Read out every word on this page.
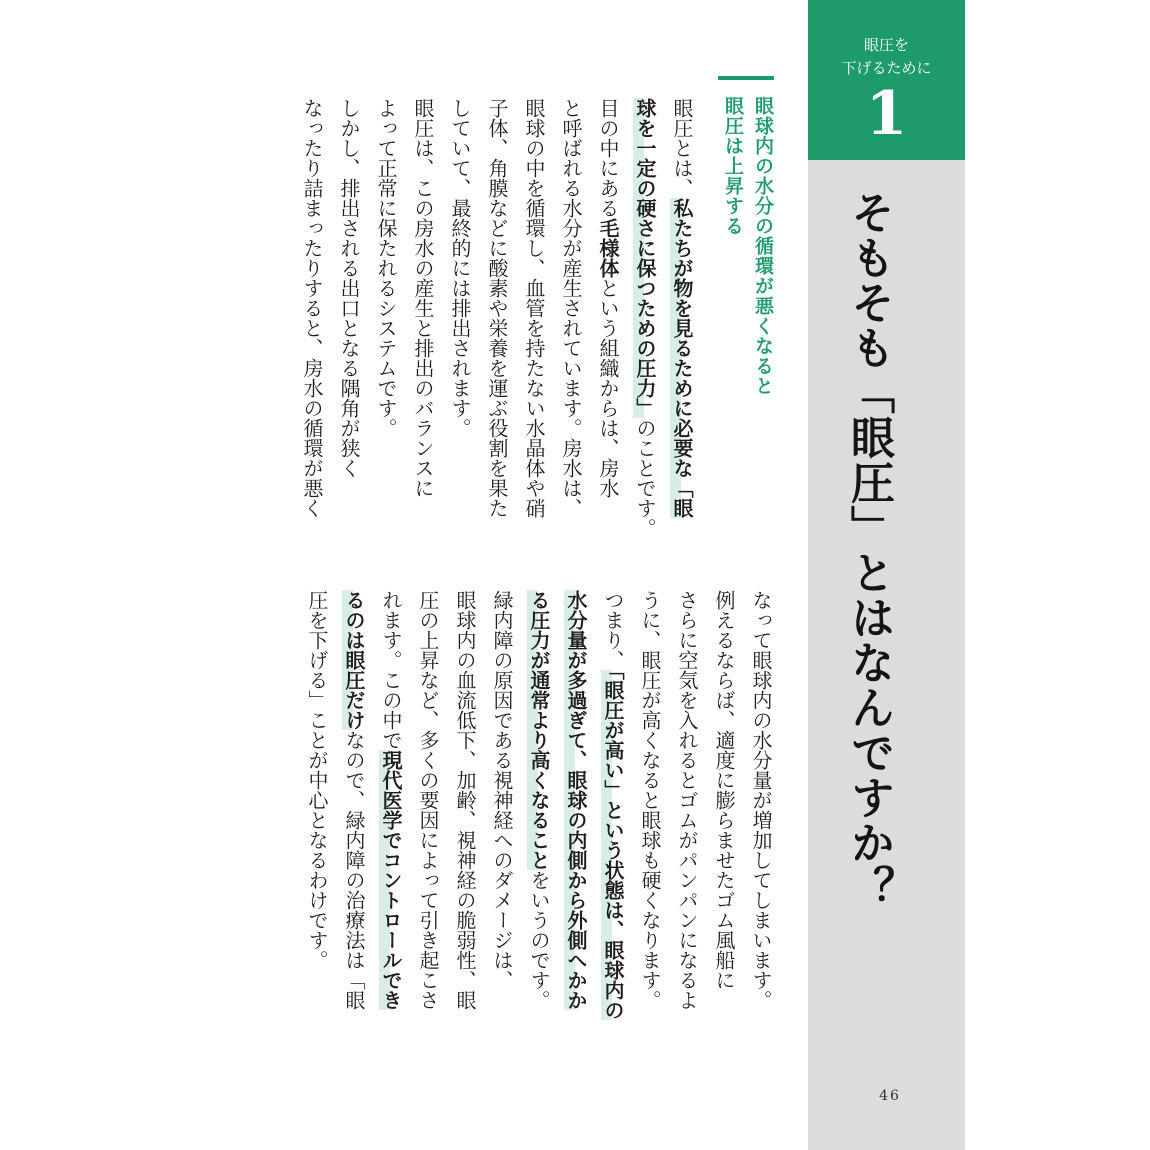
眼圧を
下げるために
1
そもそも「眼圧」とはなんですか？
眼球内の水分の循環が悪くなると
眼圧は上昇する
眼圧とは、私たちが物を見るために必要な「眼
球を一定の硬さに保つための圧力」のことです。
目の中にある毛様体という組織からは、房水
と呼ばれる水分が産生されています。房水は、
眼球の中を循環し、血管を持たない水晶体や硝
子体、角膜などに酸素や栄養を運ぶ役割を果た
していて、最終的には排出されます。
眼圧は、この房水の産生と排出のバランスに
よって正常に保たれるシステムです。
しかし、排出される出口となる隅角が狭く
なったり詰まったりすると、房水の循環が悪く
なって眼球内の水分量が増加してしまいます。
例えるならば、適度に膨らませたゴム風船に
さらに空気を入れるとゴムがパンパンになるよ
うに、眼圧が高くなると眼球も硬くなります。
つまり、「眼圧が高い」という状態は、眼球内の
水分量が多過ぎて、眼球の内側から外側へかか
る圧力が通常より高くなることをいうのです。
緑内障の原因である視神経へのダメージは、
眼球内の血流低下、加齢、視神経の脆弱性、眼
圧の上昇など、多くの要因によって引き起こさ
れます。この中で現代医学でコントロールでき
るのは眼圧だけなので、緑内障の治療法は「眼
圧を下げる」ことが中心となるわけです。
46
